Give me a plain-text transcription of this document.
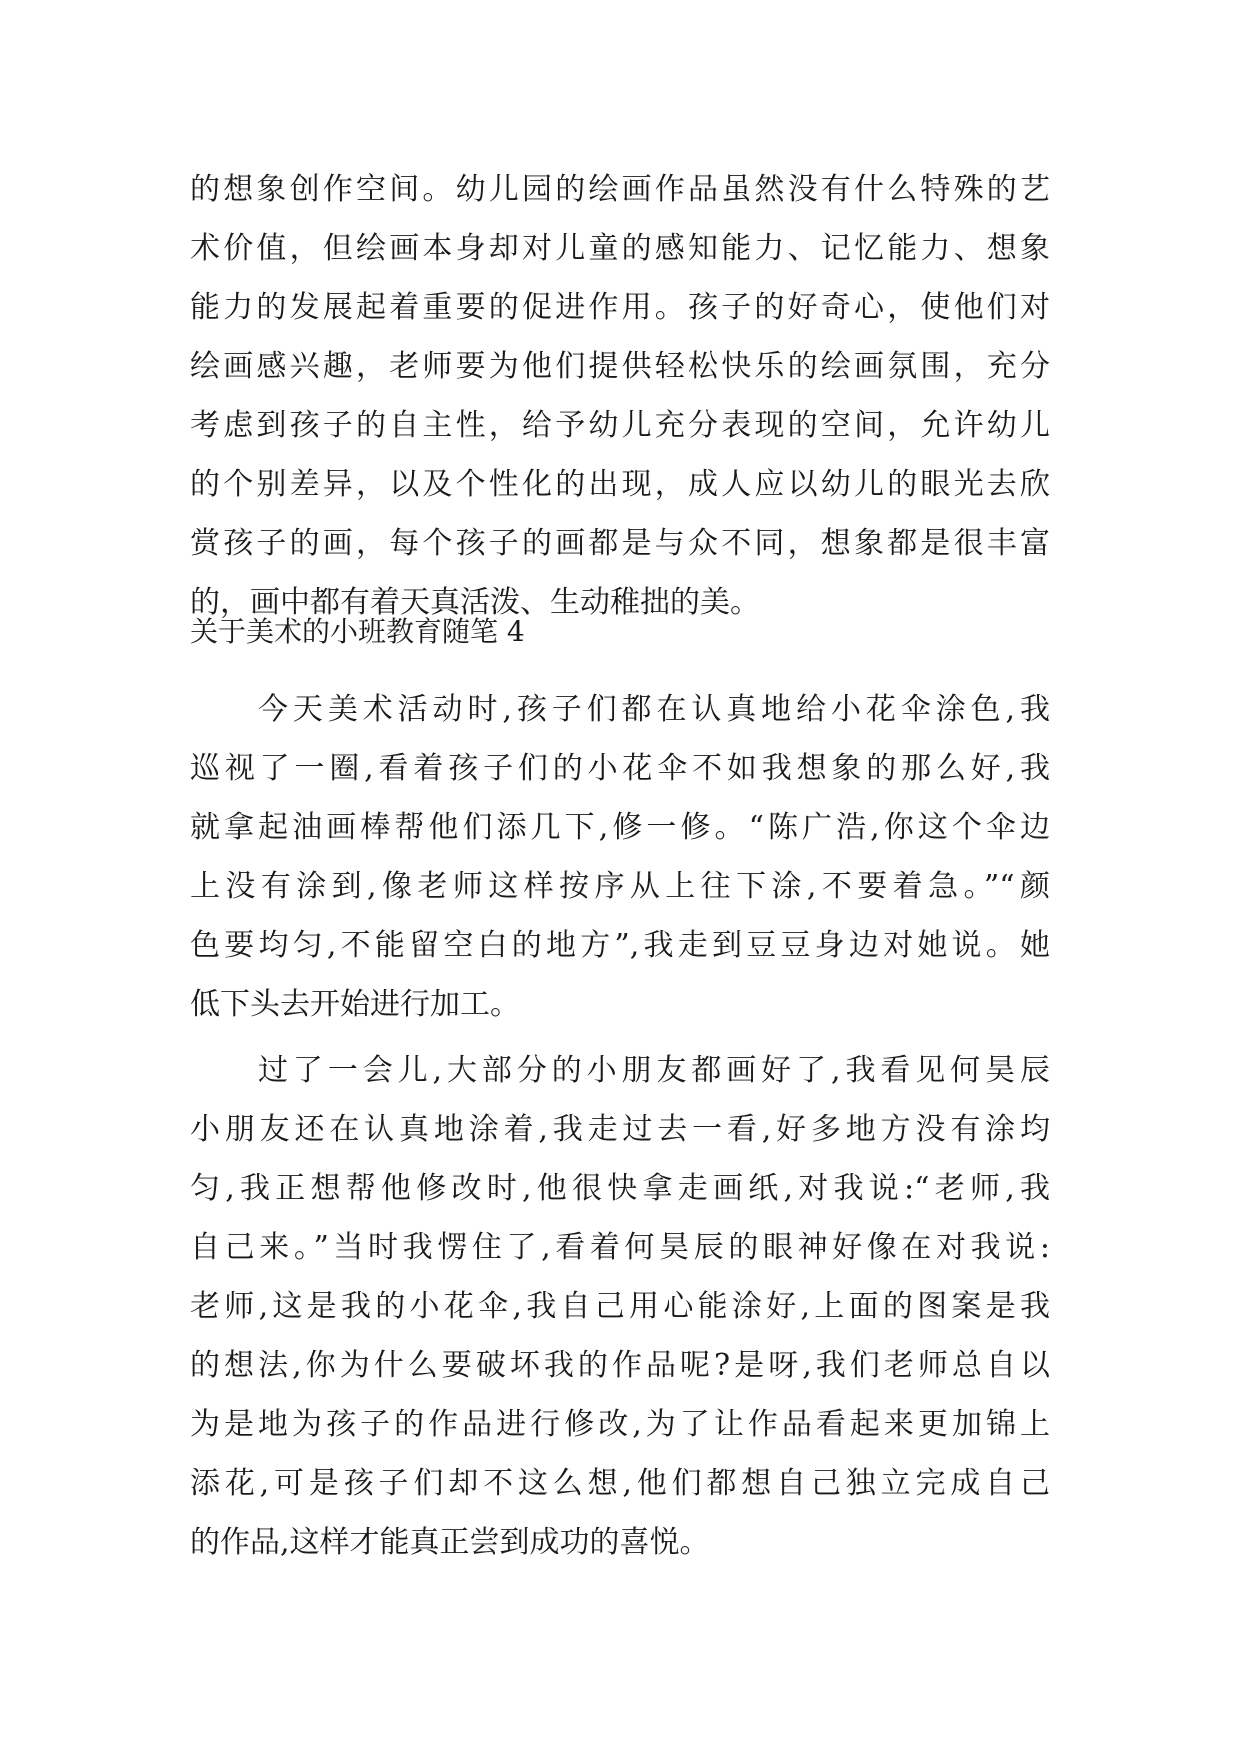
的想象创作空间。幼儿园的绘画作品虽然没有什么特殊的艺
术价值，但绘画本身却对儿童的感知能力、记忆能力、想象
能力的发展起着重要的促进作用。孩子的好奇心，使他们对
绘画感兴趣，老师要为他们提供轻松快乐的绘画氛围，充分
考虑到孩子的自主性，给予幼儿充分表现的空间，允许幼儿
的个别差异，以及个性化的出现，成人应以幼儿的眼光去欣
赏孩子的画，每个孩子的画都是与众不同，想象都是很丰富
的，画中都有着天真活泼、生动稚拙的美。
关于美术的小班教育随笔 4
今天美术活动时,孩子们都在认真地给小花伞涂色,我
巡视了一圈,看着孩子们的小花伞不如我想象的那么好,我
就拿起油画棒帮他们添几下,修一修。“陈广浩,你这个伞边
上没有涂到,像老师这样按序从上往下涂,不要着急。”“颜
色要均匀,不能留空白的地方”,我走到豆豆身边对她说。她
低下头去开始进行加工。
过了一会儿,大部分的小朋友都画好了,我看见何昊辰
小朋友还在认真地涂着,我走过去一看,好多地方没有涂均
匀,我正想帮他修改时,他很快拿走画纸,对我说:“老师,我
自己来。”当时我愣住了,看着何昊辰的眼神好像在对我说:
老师,这是我的小花伞,我自己用心能涂好,上面的图案是我
的想法,你为什么要破坏我的作品呢?是呀,我们老师总自以
为是地为孩子的作品进行修改,为了让作品看起来更加锦上
添花,可是孩子们却不这么想,他们都想自己独立完成自己
的作品,这样才能真正尝到成功的喜悦。
